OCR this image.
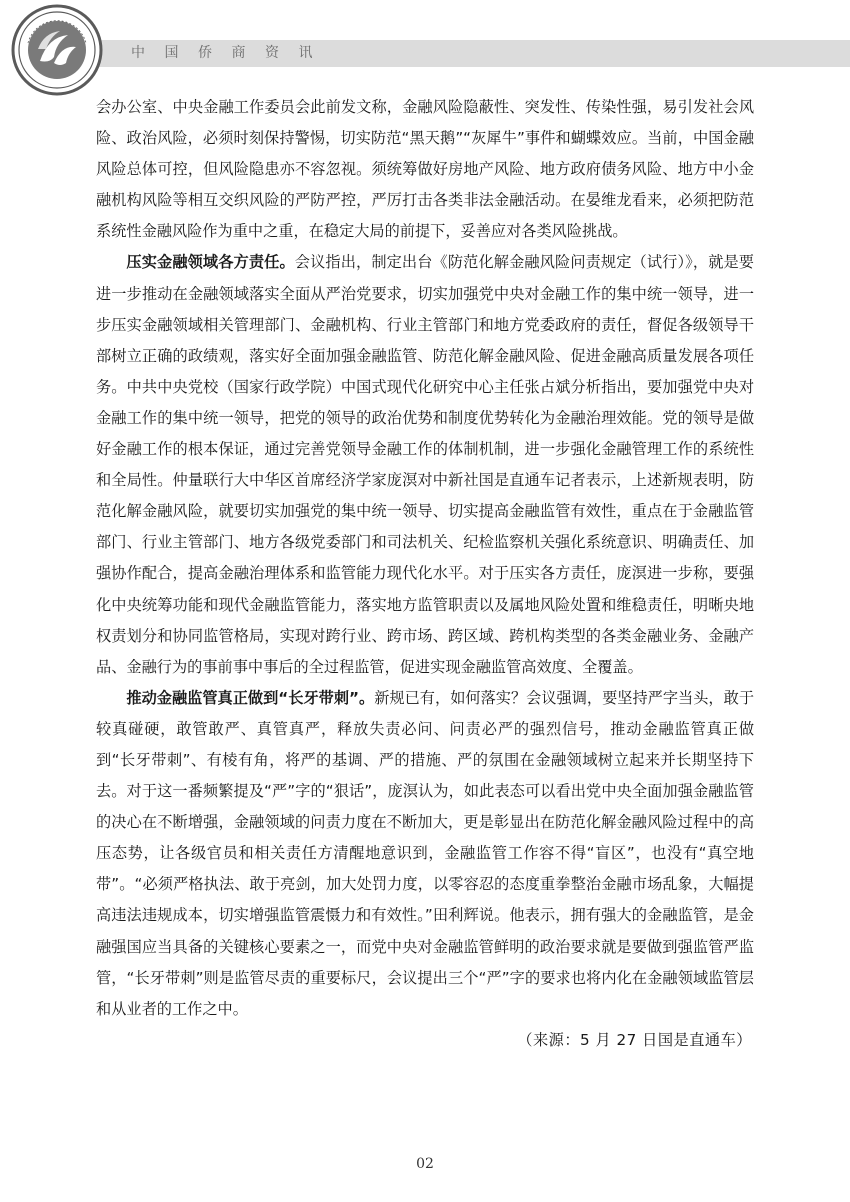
中国侨商资讯

会办公室、中央金融工作委员会此前发文称，金融风险隐蔽性、突发性、传染性强，易引发社会风险、政治风险，必须时刻保持警惕，切实防范“黑天鹅”“灰犀牛”事件和蝴蝶效应。当前，中国金融风险总体可控，但风险隐患亦不容忽视。须统筹做好房地产风险、地方政府债务风险、地方中小金融机构风险等相互交织风险的严防严控，严厉打击各类非法金融活动。在晏维龙看来，必须把防范系统性金融风险作为重中之重，在稳定大局的前提下，妥善应对各类风险挑战。

压实金融领域各方责任。会议指出，制定出台《防范化解金融风险问责规定（试行）》，就是要进一步推动在金融领域落实全面从严治党要求，切实加强党中央对金融工作的集中统一领导，进一步压实金融领域相关管理部门、金融机构、行业主管部门和地方党委政府的责任，督促各级领导干部树立正确的政绩观，落实好全面加强金融监管、防范化解金融风险、促进金融高质量发展各项任务。中共中央党校（国家行政学院）中国式现代化研究中心主任张占斌分析指出，要加强党中央对金融工作的集中统一领导，把党的领导的政治优势和制度优势转化为金融治理效能。党的领导是做好金融工作的根本保证，通过完善党领导金融工作的体制机制，进一步强化金融管理工作的系统性和全局性。仲量联行大中华区首席经济学家庞溟对中新社国是直通车记者表示，上述新规表明，防范化解金融风险，就要切实加强党的集中统一领导、切实提高金融监管有效性，重点在于金融监管部门、行业主管部门、地方各级党委部门和司法机关、纪检监察机关强化系统意识、明确责任、加强协作配合，提高金融治理体系和监管能力现代化水平。对于压实各方责任，庞溟进一步称，要强化中央统筹功能和现代金融监管能力，落实地方监管职责以及属地风险处置和维稳责任，明晰央地权责划分和协同监管格局，实现对跨行业、跨市场、跨区域、跨机构类型的各类金融业务、金融产品、金融行为的事前事中事后的全过程监管，促进实现金融监管高效度、全覆盖。

推动金融监管真正做到“长牙带刺”。新规已有，如何落实？会议强调，要坚持严字当头，敢于较真碰硬，敢管敢严、真管真严，释放失责必问、问责必严的强烈信号，推动金融监管真正做到“长牙带刺”、有棱有角，将严的基调、严的措施、严的氛围在金融领域树立起来并长期坚持下去。对于这一番频繁提及“严”字的“狠话”，庞溟认为，如此表态可以看出党中央全面加强金融监管的决心在不断增强，金融领域的问责力度在不断加大，更是彰显出在防范化解金融风险过程中的高压态势，让各级官员和相关责任方清醒地意识到，金融监管工作容不得“盲区”，也没有“真空地带”。“必须严格执法、敢于亮剑，加大处罚力度，以零容忍的态度重拳整治金融市场乱象，大幅提高违法违规成本，切实增强监管震慑力和有效性。”田利辉说。他表示，拥有强大的金融监管，是金融强国应当具备的关键核心要素之一，而党中央对金融监管鲜明的政治要求就是要做到强监管严监管，“长牙带刺”则是监管尽责的重要标尺，会议提出三个“严”字的要求也将内化在金融领域监管层和从业者的工作之中。

（来源：5 月 27 日国是直通车）

02
